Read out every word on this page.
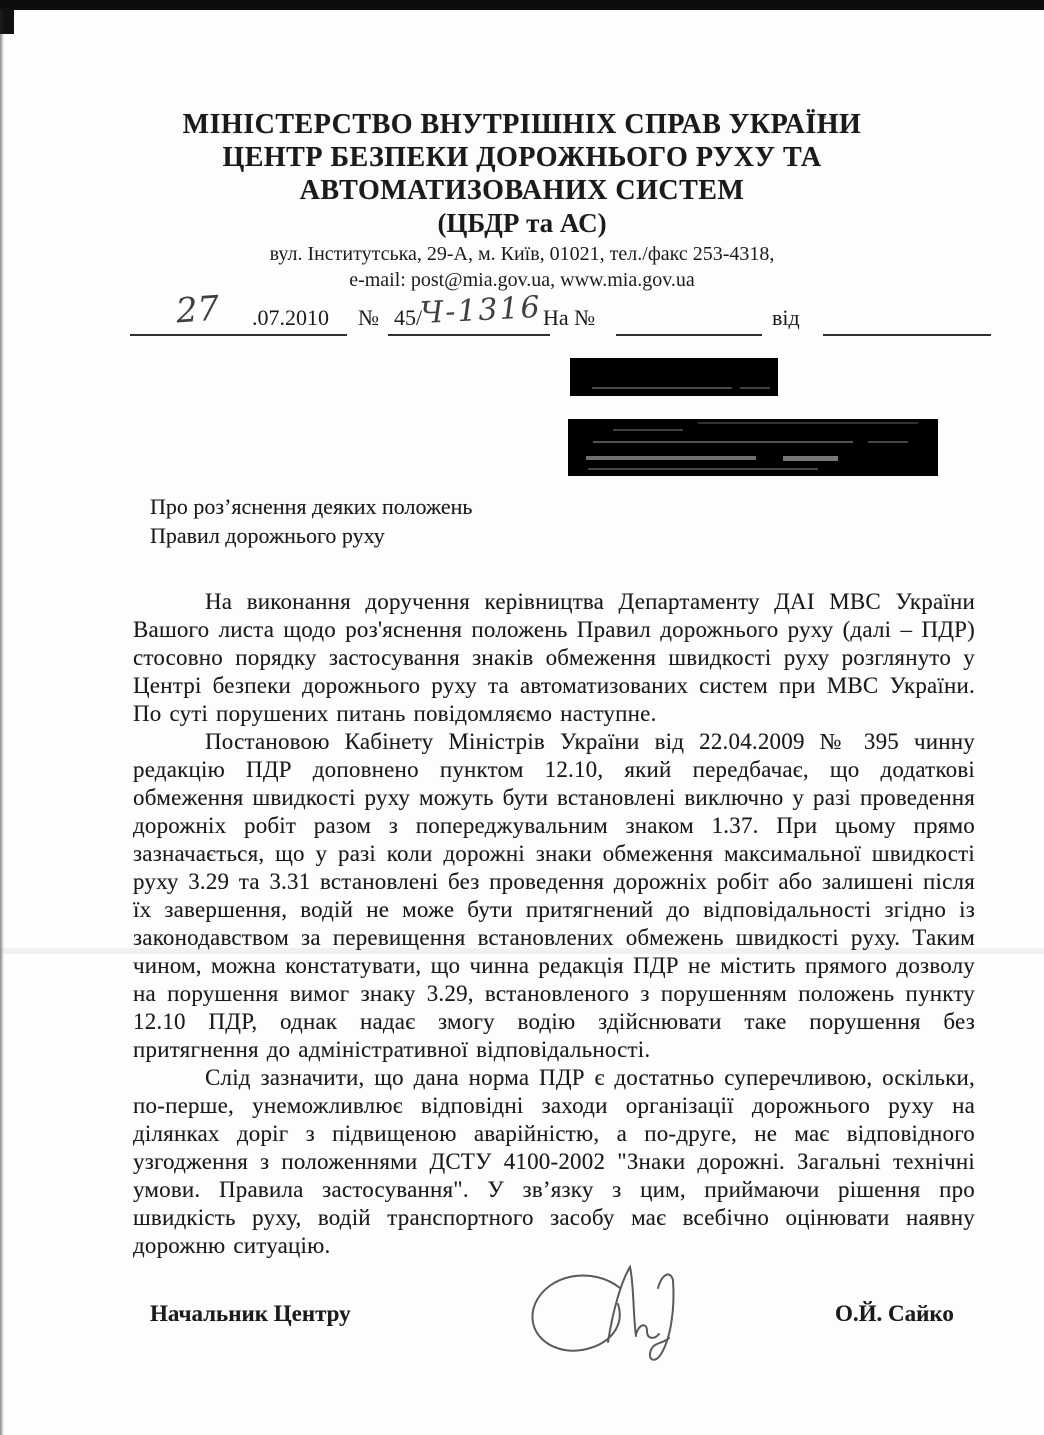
МІНІСТЕРСТВО ВНУТРІШНІХ СПРАВ УКРАЇНИ
ЦЕНТР БЕЗПЕКИ ДОРОЖНЬОГО РУХУ ТА
АВТОМАТИЗОВАНИХ СИСТЕМ
(ЦБДР та АС)
вул. Інститутська, 29-А, м. Київ, 01021, тел./факс 253-4318,
e-mail: post@mia.gov.ua, www.mia.gov.ua
27 .07.2010 № 45/
Ч-1316 На №	від
Про роз’яснення деяких положень
Правил дорожнього руху

На виконання доручення керівництва Департаменту ДАІ МВС України Вашого листа щодо роз'яснення положень Правил дорожнього руху (далі – ПДР) стосовно порядку застосування знаків обмеження швидкості руху розглянуто у Центрі безпеки дорожнього руху та автоматизованих систем при МВС України. По суті порушених питань повідомляємо наступне.

Постановою Кабінету Міністрів України від 22.04.2009 № 395 чинну редакцію ПДР доповнено пунктом 12.10, який передбачає, що додаткові обмеження швидкості руху можуть бути встановлені виключно у разі проведення дорожніх робіт разом з попереджувальним знаком 1.37. При цьому прямо зазначається, що у разі коли дорожні знаки обмеження максимальної швидкості руху 3.29 та 3.31 встановлені без проведення дорожніх робіт або залишені після їх завершення, водій не може бути притягнений до відповідальності згідно із законодавством за перевищення встановлених обмежень швидкості руху. Таким чином, можна констатувати, що чинна редакція ПДР не містить прямого дозволу на порушення вимог знаку 3.29, встановленого з порушенням положень пункту 12.10 ПДР, однак надає змогу водію здійснювати таке порушення без притягнення до адміністративної відповідальності.

Слід зазначити, що дана норма ПДР є достатньо суперечливою, оскільки, по-перше, унеможливлює відповідні заходи організації дорожнього руху на ділянках доріг з підвищеною аварійністю, а по-друге, не має відповідного узгодження з положеннями ДСТУ 4100-2002 "Знаки дорожні. Загальні технічні умови. Правила застосування". У зв’язку з цим, приймаючи рішення про швидкість руху, водій транспортного засобу має всебічно оцінювати наявну дорожню ситуацію.

Начальник Центру	О.Й. Сайко
